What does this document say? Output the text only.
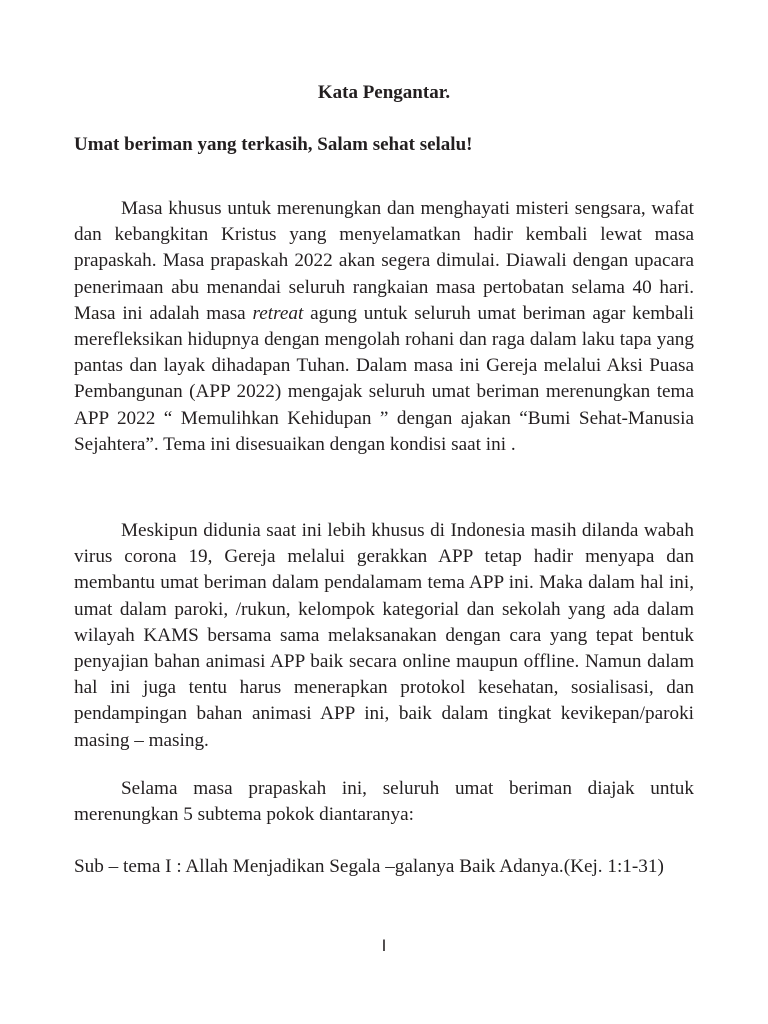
Kata Pengantar.
Umat beriman yang terkasih, Salam sehat selalu!

Masa khusus untuk merenungkan dan menghayati misteri sengsara, wafat dan kebangkitan Kristus yang menyelamatkan hadir kembali lewat masa prapaskah. Masa prapaskah 2022 akan segera dimulai. Diawali dengan upacara penerimaan abu menandai seluruh rangkaian masa pertobatan selama 40 hari. Masa ini adalah masa retreat agung untuk seluruh umat beriman agar kembali merefleksikan hidupnya dengan mengolah rohani dan raga dalam laku tapa yang pantas dan layak dihadapan Tuhan. Dalam masa ini Gereja melalui Aksi Puasa Pembangunan (APP 2022) mengajak seluruh umat beriman merenungkan tema APP 2022 “ Memulihkan Kehidupan ” dengan ajakan “Bumi Sehat-Manusia Sejahtera”. Tema ini disesuaikan dengan kondisi saat ini .

Meskipun didunia saat ini lebih khusus di Indonesia masih dilanda wabah virus corona 19, Gereja melalui gerakkan APP tetap hadir menyapa dan membantu umat beriman dalam pendalamam tema APP ini. Maka dalam hal ini, umat dalam paroki, /rukun, kelompok kategorial dan sekolah yang ada dalam wilayah KAMS bersama sama melaksanakan dengan cara yang tepat bentuk penyajian bahan animasi APP baik secara online maupun offline. Namun dalam hal ini juga tentu harus menerapkan protokol kesehatan, sosialisasi, dan pendampingan bahan animasi APP ini, baik dalam tingkat kevikepan/paroki masing – masing.

Selama masa prapaskah ini, seluruh umat beriman diajak untuk merenungkan 5 subtema pokok diantaranya:

Sub – tema I : Allah Menjadikan Segala –galanya Baik Adanya.(Kej. 1:1-31)

I
